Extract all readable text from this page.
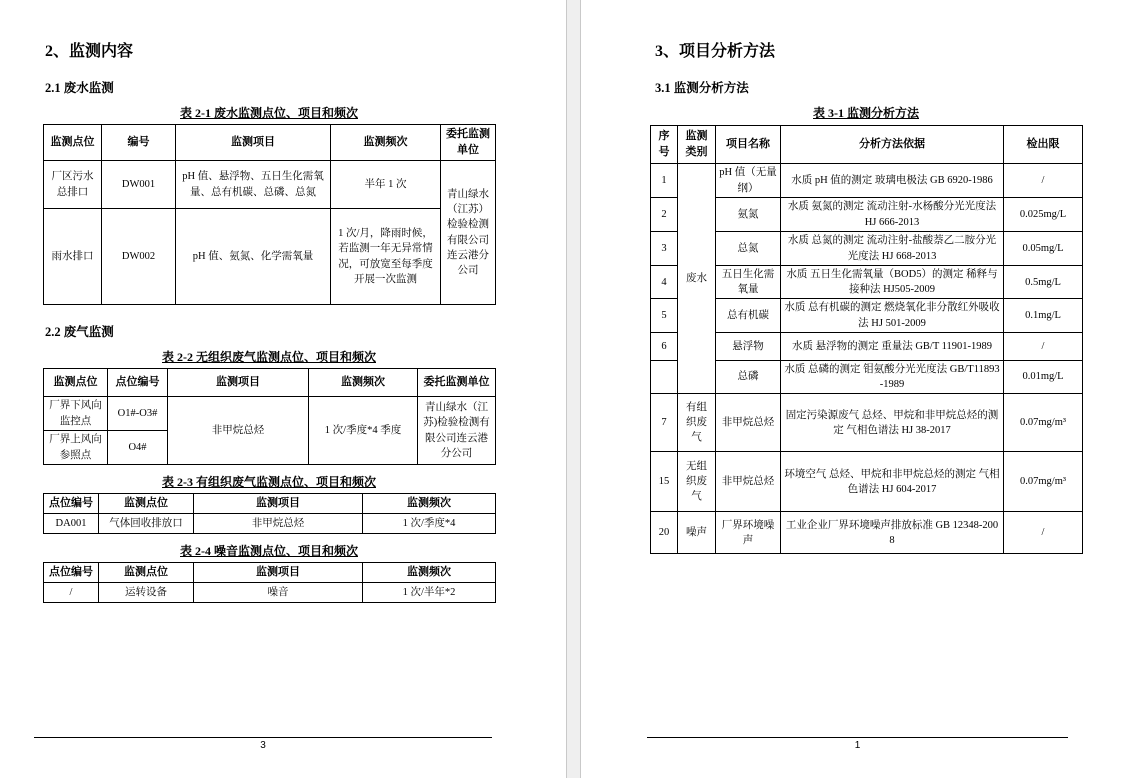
2、监测内容
2.1 废水监测
表 2-1 废水监测点位、项目和频次
监测点位	编号	监测项目	监测频次	委托监测单位
厂区污水总排口	DW001	pH 值、悬浮物、五日生化需氧量、总有机碳、总磷、总氮	半年 1 次	青山绿水（江苏）检验检测有限公司连云港分公司
雨水排口	DW002	pH 值、氨氮、化学需氧量	1 次/月，降雨时候，若监测一年无异常情况，可放宽至每季度开展一次监测	
2.2 废气监测
表 2-2 无组织废气监测点位、项目和频次
监测点位	点位编号	监测项目	监测频次	委托监测单位
厂界下风向监控点	O1#-O3#	非甲烷总烃	1 次/季度*4 季度	青山绿水（江苏)检验检测有限公司连云港分公司
厂界上风向参照点	O4#			
表 2-3 有组织废气监测点位、项目和频次
点位编号	监测点位	监测项目	监测频次
DA001	气体回收排放口	非甲烷总烃	1 次/季度*4
表 2-4 噪音监测点位、项目和频次
点位编号	监测点位	监测项目	监测频次
/	运转设备	噪音	1 次/半年*2
3
3、项目分析方法
3.1 监测分析方法
表 3-1 监测分析方法
序号	监测类别	项目名称	分析方法依据	检出限
1	废水	pH 值（无量纲）	水质 pH 值的测定 玻璃电极法 GB 6920-1986	/
2		氨氮	水质 氨氮的测定 流动注射-水杨酸分光光度法 HJ 666-2013	0.025mg/L
3		总氮	水质 总氮的测定 流动注射-盐酸萘乙二胺分光光度法 HJ 668-2013	0.05mg/L
4		五日生化需氧量	水质 五日生化需氧量（BOD5）的测定 稀释与接种法 HJ505-2009	0.5mg/L
5		总有机碳	水质 总有机碳的测定 燃烧氧化非分散红外吸收法 HJ 501-2009	0.1mg/L
6		悬浮物	水质 悬浮物的测定 重量法 GB/T 11901-1989	/
		总磷	水质 总磷的测定 钼氨酸分光光度法 GB/T11893-1989	0.01mg/L
7	有组织废气	非甲烷总烃	固定污染源废气 总烃、甲烷和非甲烷总烃的测定 气相色谱法 HJ 38-2017	0.07mg/m³
15	无组织废气	非甲烷总烃	环境空气 总烃、甲烷和非甲烷总烃的测定 气相色谱法 HJ 604-2017	0.07mg/m³
20	噪声	厂界环境噪声	工业企业厂界环境噪声排放标准 GB 12348-2008	/
1
